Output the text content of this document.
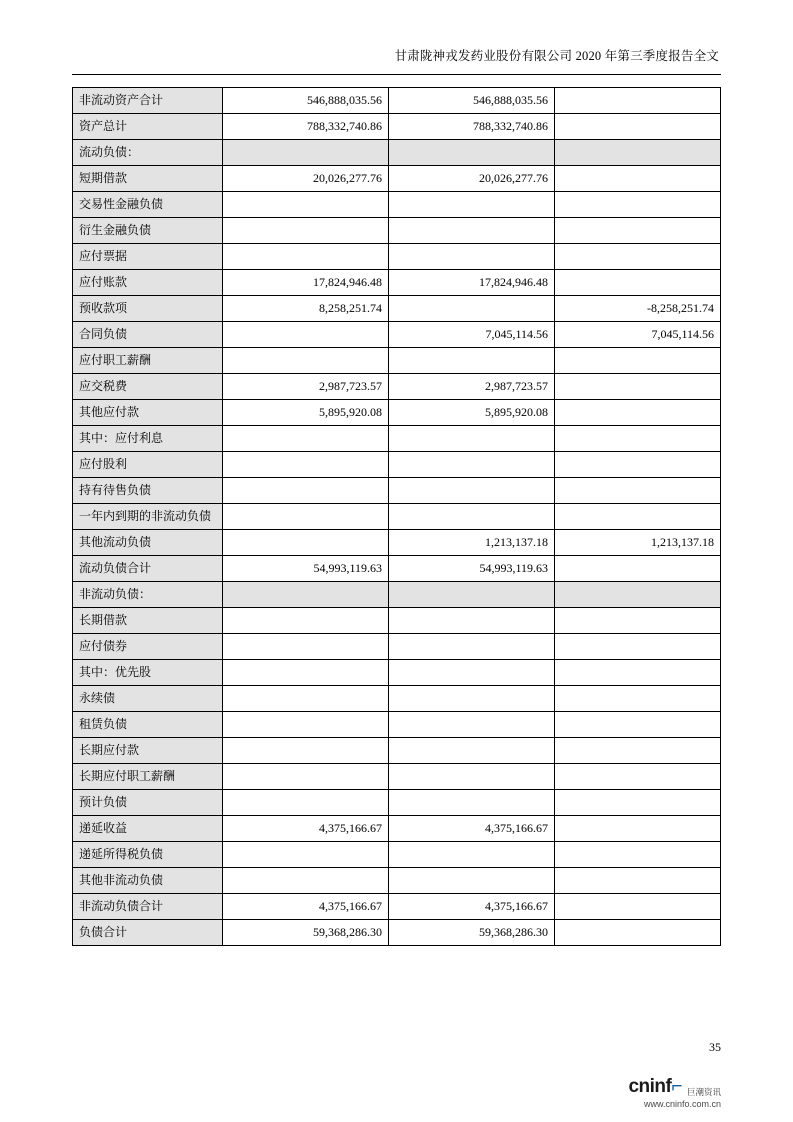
甘肃陇神戎发药业股份有限公司 2020 年第三季度报告全文
非流动资产合计	546,888,035.56	546,888,035.56	
资产总计	788,332,740.86	788,332,740.86	
流动负债：			
短期借款	20,026,277.76	20,026,277.76	
交易性金融负债			
衍生金融负债			
应付票据			
应付账款	17,824,946.48	17,824,946.48	
预收款项	8,258,251.74		-8,258,251.74
合同负债		7,045,114.56	7,045,114.56
应付职工薪酬			
应交税费	2,987,723.57	2,987,723.57	
其他应付款	5,895,920.08	5,895,920.08	
其中：应付利息			
应付股利			
持有待售负债			
一年内到期的非流动负债			
其他流动负债		1,213,137.18	1,213,137.18
流动负债合计	54,993,119.63	54,993,119.63	
非流动负债：			
长期借款			
应付债券			
其中：优先股			
永续债			
租赁负债			
长期应付款			
长期应付职工薪酬			
预计负债			
递延收益	4,375,166.67	4,375,166.67	
递延所得税负债			
其他非流动负债			
非流动负债合计	4,375,166.67	4,375,166.67	
负债合计	59,368,286.30	59,368,286.30	
35
cninf⌐ 巨潮资讯
www.cninfo.com.cn
